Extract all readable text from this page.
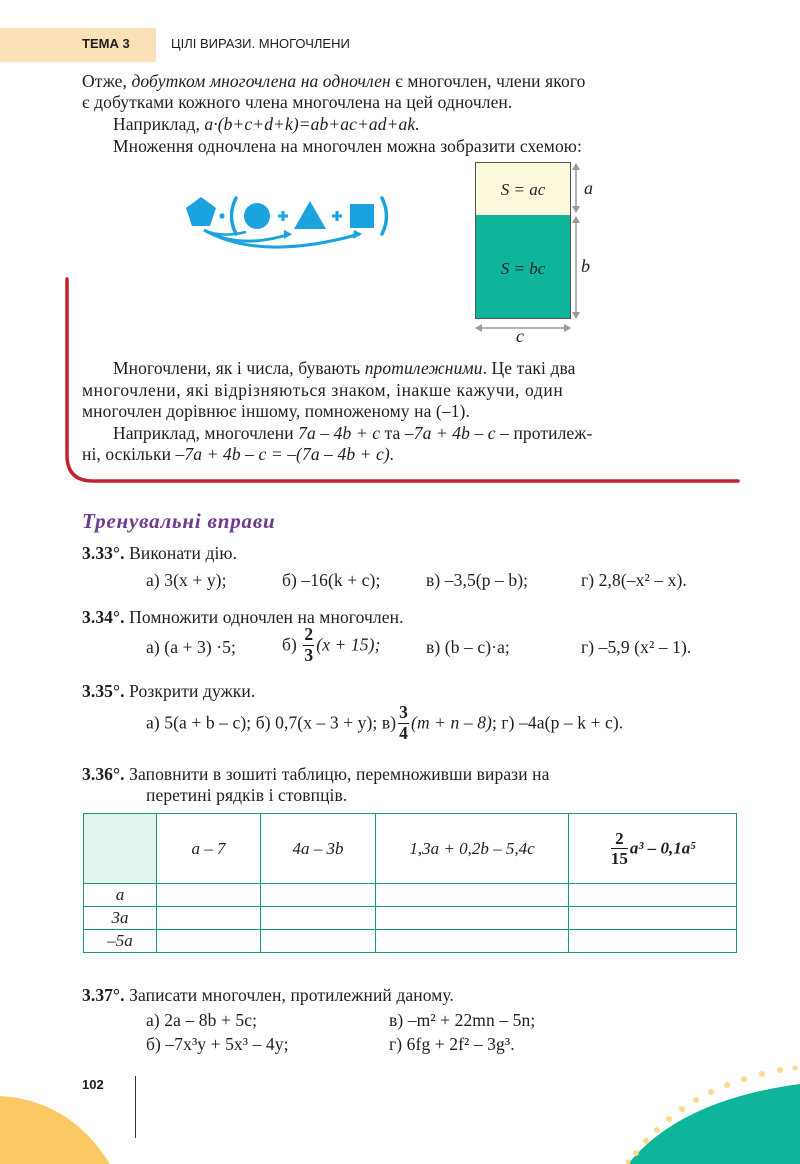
ТЕМА 3	ЦІЛІ ВИРАЗИ. МНОГОЧЛЕНИ
Отже, добутком многочлена на одночлен є многочлен, члени якого
є добутками кожного члена многочлена на цей одночлен.
Наприклад, a·(b+c+d+k)=ab+ac+ad+ak.
Множення одночлена на многочлен можна зобразити схемою:
S = ac
S = bc
a
b
c
Многочлени, як і числа, бувають протилежними. Це такі два
многочлени, які відрізняються знаком, інакше кажучи, один
многочлен дорівнює іншому, помноженому на (–1).
Наприклад, многочлени 7a – 4b + c та –7a + 4b – c – протилеж-
ні, оскільки –7a + 4b – c = –(7a – 4b + c).
Тренувальні вправи
3.33°. Виконати дію.
а) 3(x + y);	б) –16(k + c);	в) –3,5(p – b);	г) 2,8(–x² – x).
3.34°. Помножити одночлен на многочлен.
а) (a + 3) ·5;	$б) \frac{2}{3} (x + 15)$;	в) (b – c)·a;	г) –5,9 (x² – 1).
3.35°. Розкрити дужки.
а) 5(a + b – c); б) 0,7(x – 3 + y); $в) \frac{3}{4} (m + n - 8)$; г) –4a(p – k + c).
3.36°. Заповнити в зошиті таблицю, перемноживши вирази на
перетині рядків і стовпців.
	a – 7	4a – 3b	1,3a + 0,2b – 5,4c	$\frac{2}{15} a^3 - 0,1a^5$
a				
3a				
–5a				
3.37°. Записати многочлен, протилежний даному.
а) 2a – 8b + 5c;	в) –m² + 22mn – 5n;
б) –7x³y + 5x³ – 4y;	г) 6fg + 2f² – 3g³.
102
